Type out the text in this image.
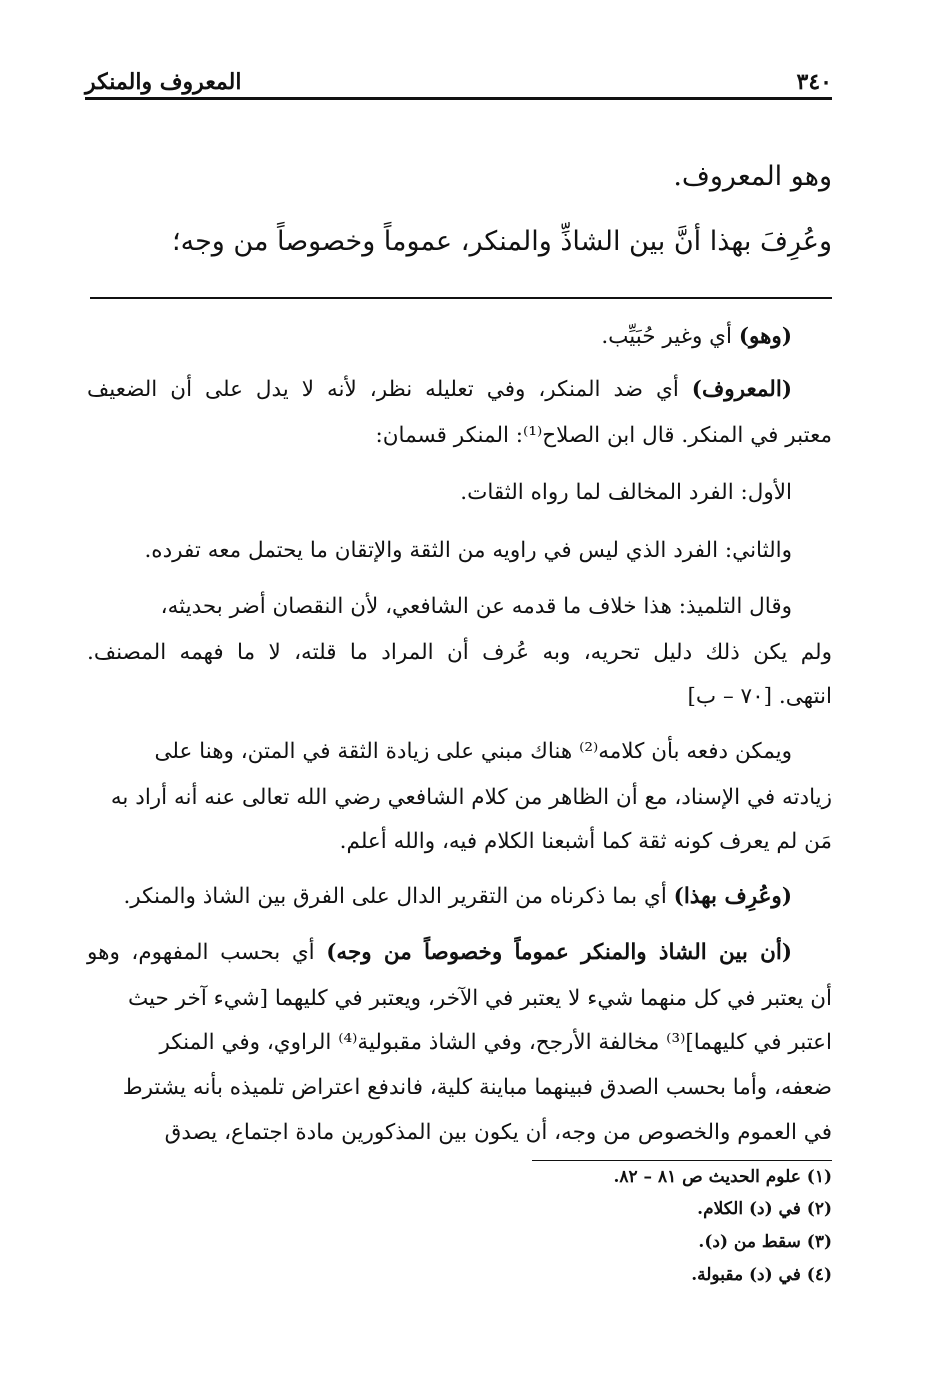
٣٤٠
المعروف والمنكر
وهو المعروف.
وعُرِفَ بهذا أنَّ بين الشاذِّ والمنكر، عموماً وخصوصاً من وجه؛
(وهو) أي وغير حُبَيِّب.
(المعروف) أي ضد المنكر، وفي تعليله نظر، لأنه لا يدل على أن الضعيف
معتبر في المنكر. قال ابن الصلاح⁽¹⁾: المنكر قسمان:
الأول: الفرد المخالف لما رواه الثقات.
والثاني: الفرد الذي ليس في راويه من الثقة والإتقان ما يحتمل معه تفرده.
وقال التلميذ: هذا خلاف ما قدمه عن الشافعي، لأن النقصان أضر بحديثه،
ولم يكن ذلك دليل تحريه، وبه عُرف أن المراد ما قلته، لا ما فهمه المصنف.
انتهى. [٧٠ – ب]
ويمكن دفعه بأن كلامه⁽²⁾ هناك مبني على زيادة الثقة في المتن، وهنا على
زيادته في الإسناد، مع أن الظاهر من كلام الشافعي رضي الله تعالى عنه أنه أراد به
مَن لم يعرف كونه ثقة كما أشبعنا الكلام فيه، والله أعلم.
(وعُرِف بهذا) أي بما ذكرناه من التقرير الدال على الفرق بين الشاذ والمنكر.
(أن بين الشاذ والمنكر عموماً وخصوصاً من وجه) أي بحسب المفهوم، وهو
أن يعتبر في كل منهما شيء لا يعتبر في الآخر، ويعتبر في كليهما [شيء آخر حيث
اعتبر في كليهما]⁽³⁾ مخالفة الأرجح، وفي الشاذ مقبولية⁽⁴⁾ الراوي، وفي المنكر
ضعفه، وأما بحسب الصدق فبينهما مباينة كلية، فاندفع اعتراض تلميذه بأنه يشترط
في العموم والخصوص من وجه، أن يكون بين المذكورين مادة اجتماع، يصدق
(١) علوم الحديث ص ٨١ – ٨٢.
(٢) في (د) الكلام.
(٣) سقط من (د).
(٤) في (د) مقبولة.
